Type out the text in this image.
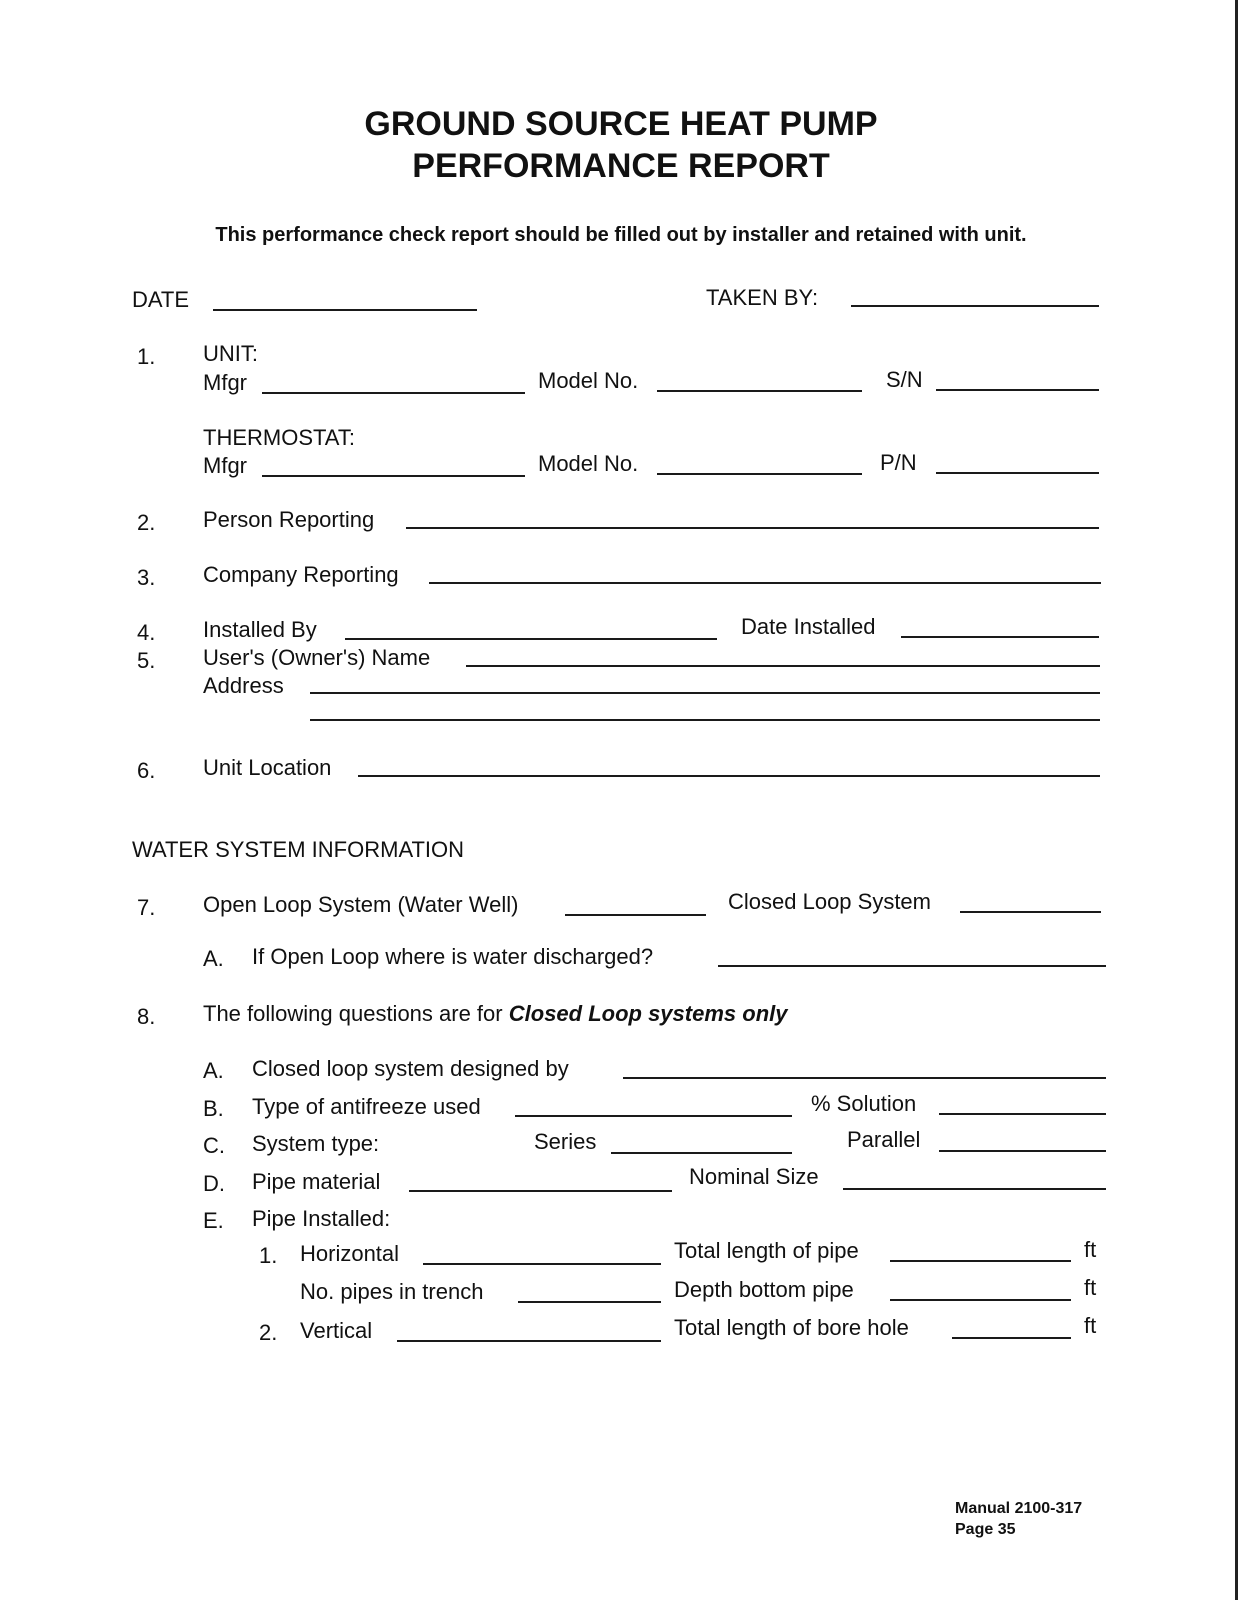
GROUND SOURCE HEAT PUMP
PERFORMANCE REPORT
This performance check report should be filled out by installer and retained with unit.
DATE	TAKEN BY:
1. UNIT:
Mfgr	Model No.	S/N
THERMOSTAT:
Mfgr	Model No.	P/N
2. Person Reporting
3. Company Reporting
4. Installed By	Date Installed
5. User's (Owner's) Name
Address
6. Unit Location
WATER SYSTEM INFORMATION
7. Open Loop System (Water Well)	Closed Loop System
A. If Open Loop where is water discharged?
8. The following questions are for Closed Loop systems only
A. Closed loop system designed by
B. Type of antifreeze used	% Solution
C. System type:	Series	Parallel
D. Pipe material	Nominal Size
E. Pipe Installed:
1. Horizontal	Total length of pipe	ft
No. pipes in trench	Depth bottom pipe	ft
2. Vertical	Total length of bore hole	ft
Manual 2100-317
Page 35
